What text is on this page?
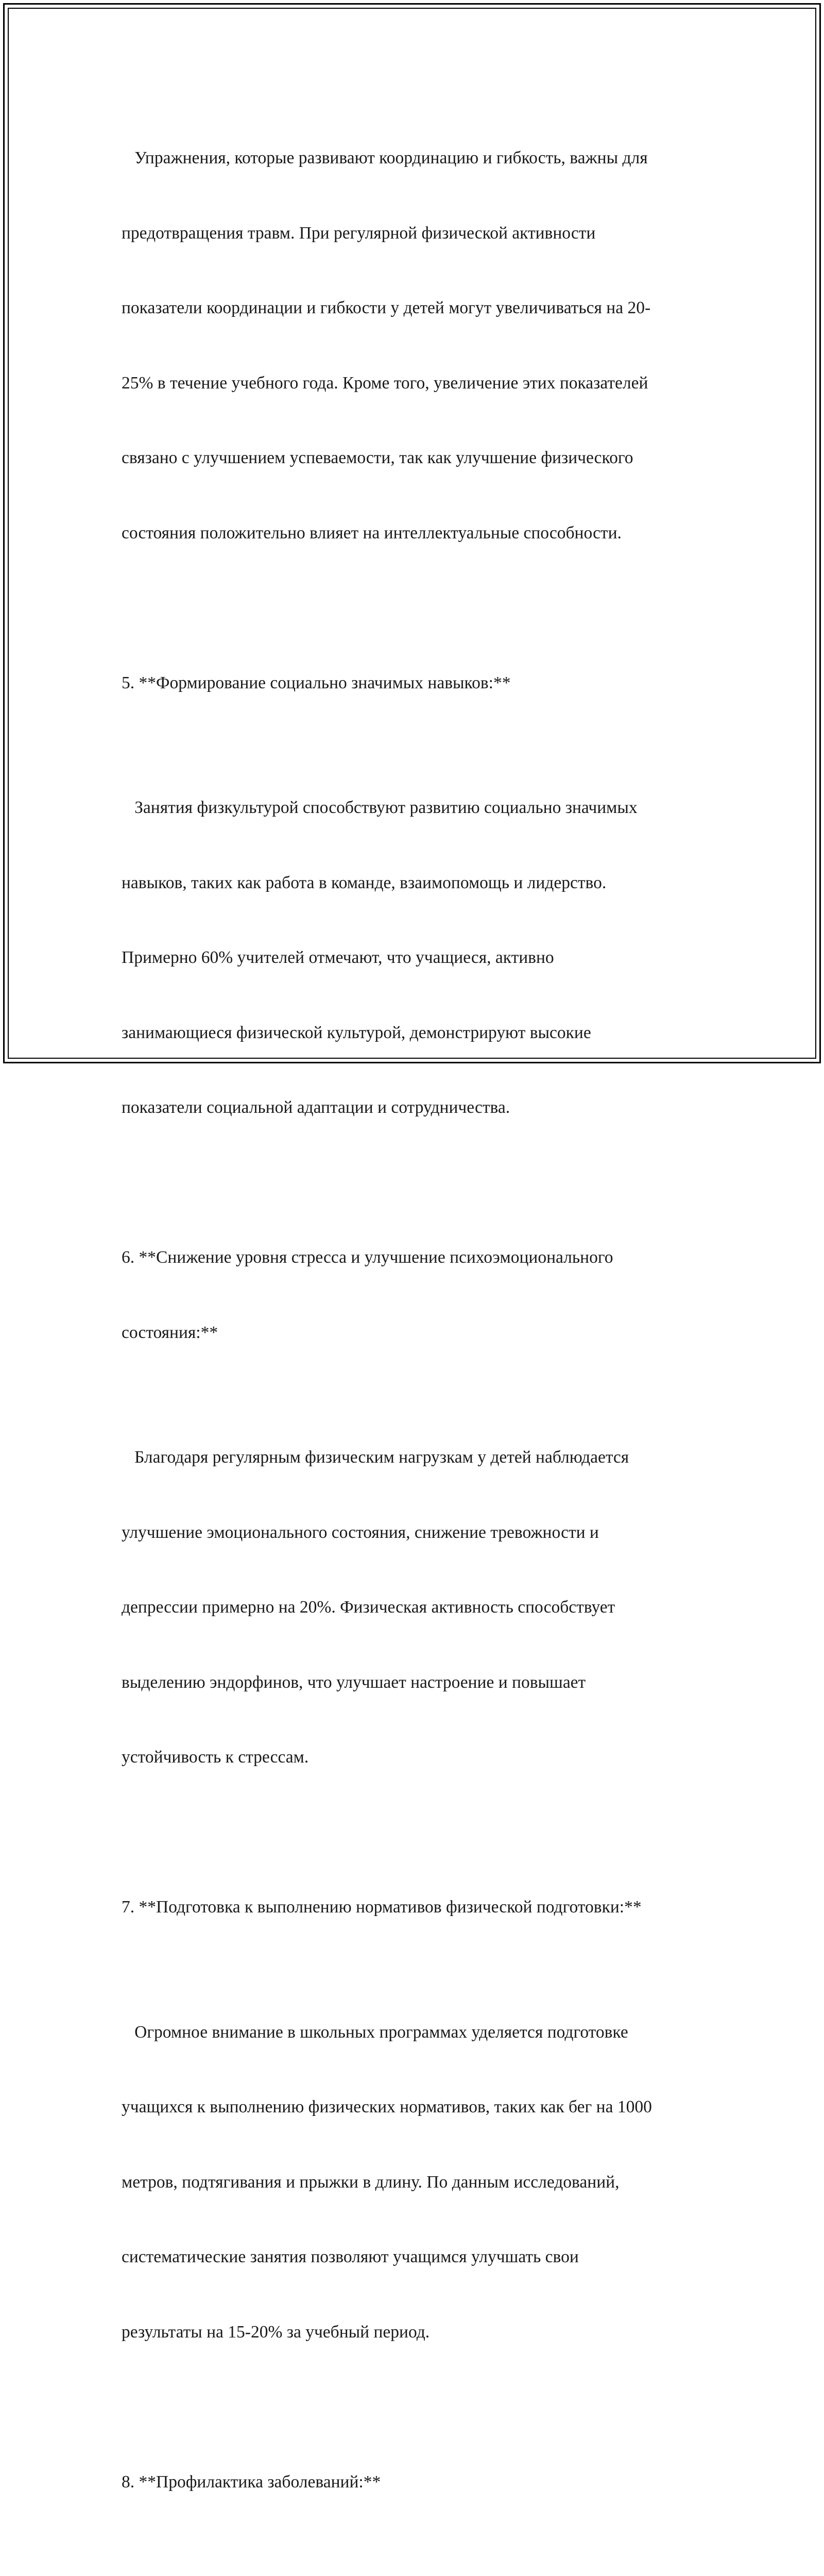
Упражнения, которые развивают координацию и гибкость, важны для

предотвращения травм. При регулярной физической активности

показатели координации и гибкости у детей могут увеличиваться на 20-

25% в течение учебного года. Кроме того, увеличение этих показателей

связано с улучшением успеваемости, так как улучшение физического

состояния положительно влияет на интеллектуальные способности.

5. **Формирование социально значимых навыков:**

Занятия физкультурой способствуют развитию социально значимых

навыков, таких как работа в команде, взаимопомощь и лидерство.

Примерно 60% учителей отмечают, что учащиеся, активно

занимающиеся физической культурой, демонстрируют высокие

показатели социальной адаптации и сотрудничества.

6. **Снижение уровня стресса и улучшение психоэмоционального

состояния:**

Благодаря регулярным физическим нагрузкам у детей наблюдается

улучшение эмоционального состояния, снижение тревожности и

депрессии примерно на 20%. Физическая активность способствует

выделению эндорфинов, что улучшает настроение и повышает

устойчивость к стрессам.

7. **Подготовка к выполнению нормативов физической подготовки:**

Огромное внимание в школьных программах уделяется подготовке

учащихся к выполнению физических нормативов, таких как бег на 1000

метров, подтягивания и прыжки в длину. По данным исследований,

систематические занятия позволяют учащимся улучшать свои

результаты на 15-20% за учебный период.

8. **Профилактика заболеваний:**
